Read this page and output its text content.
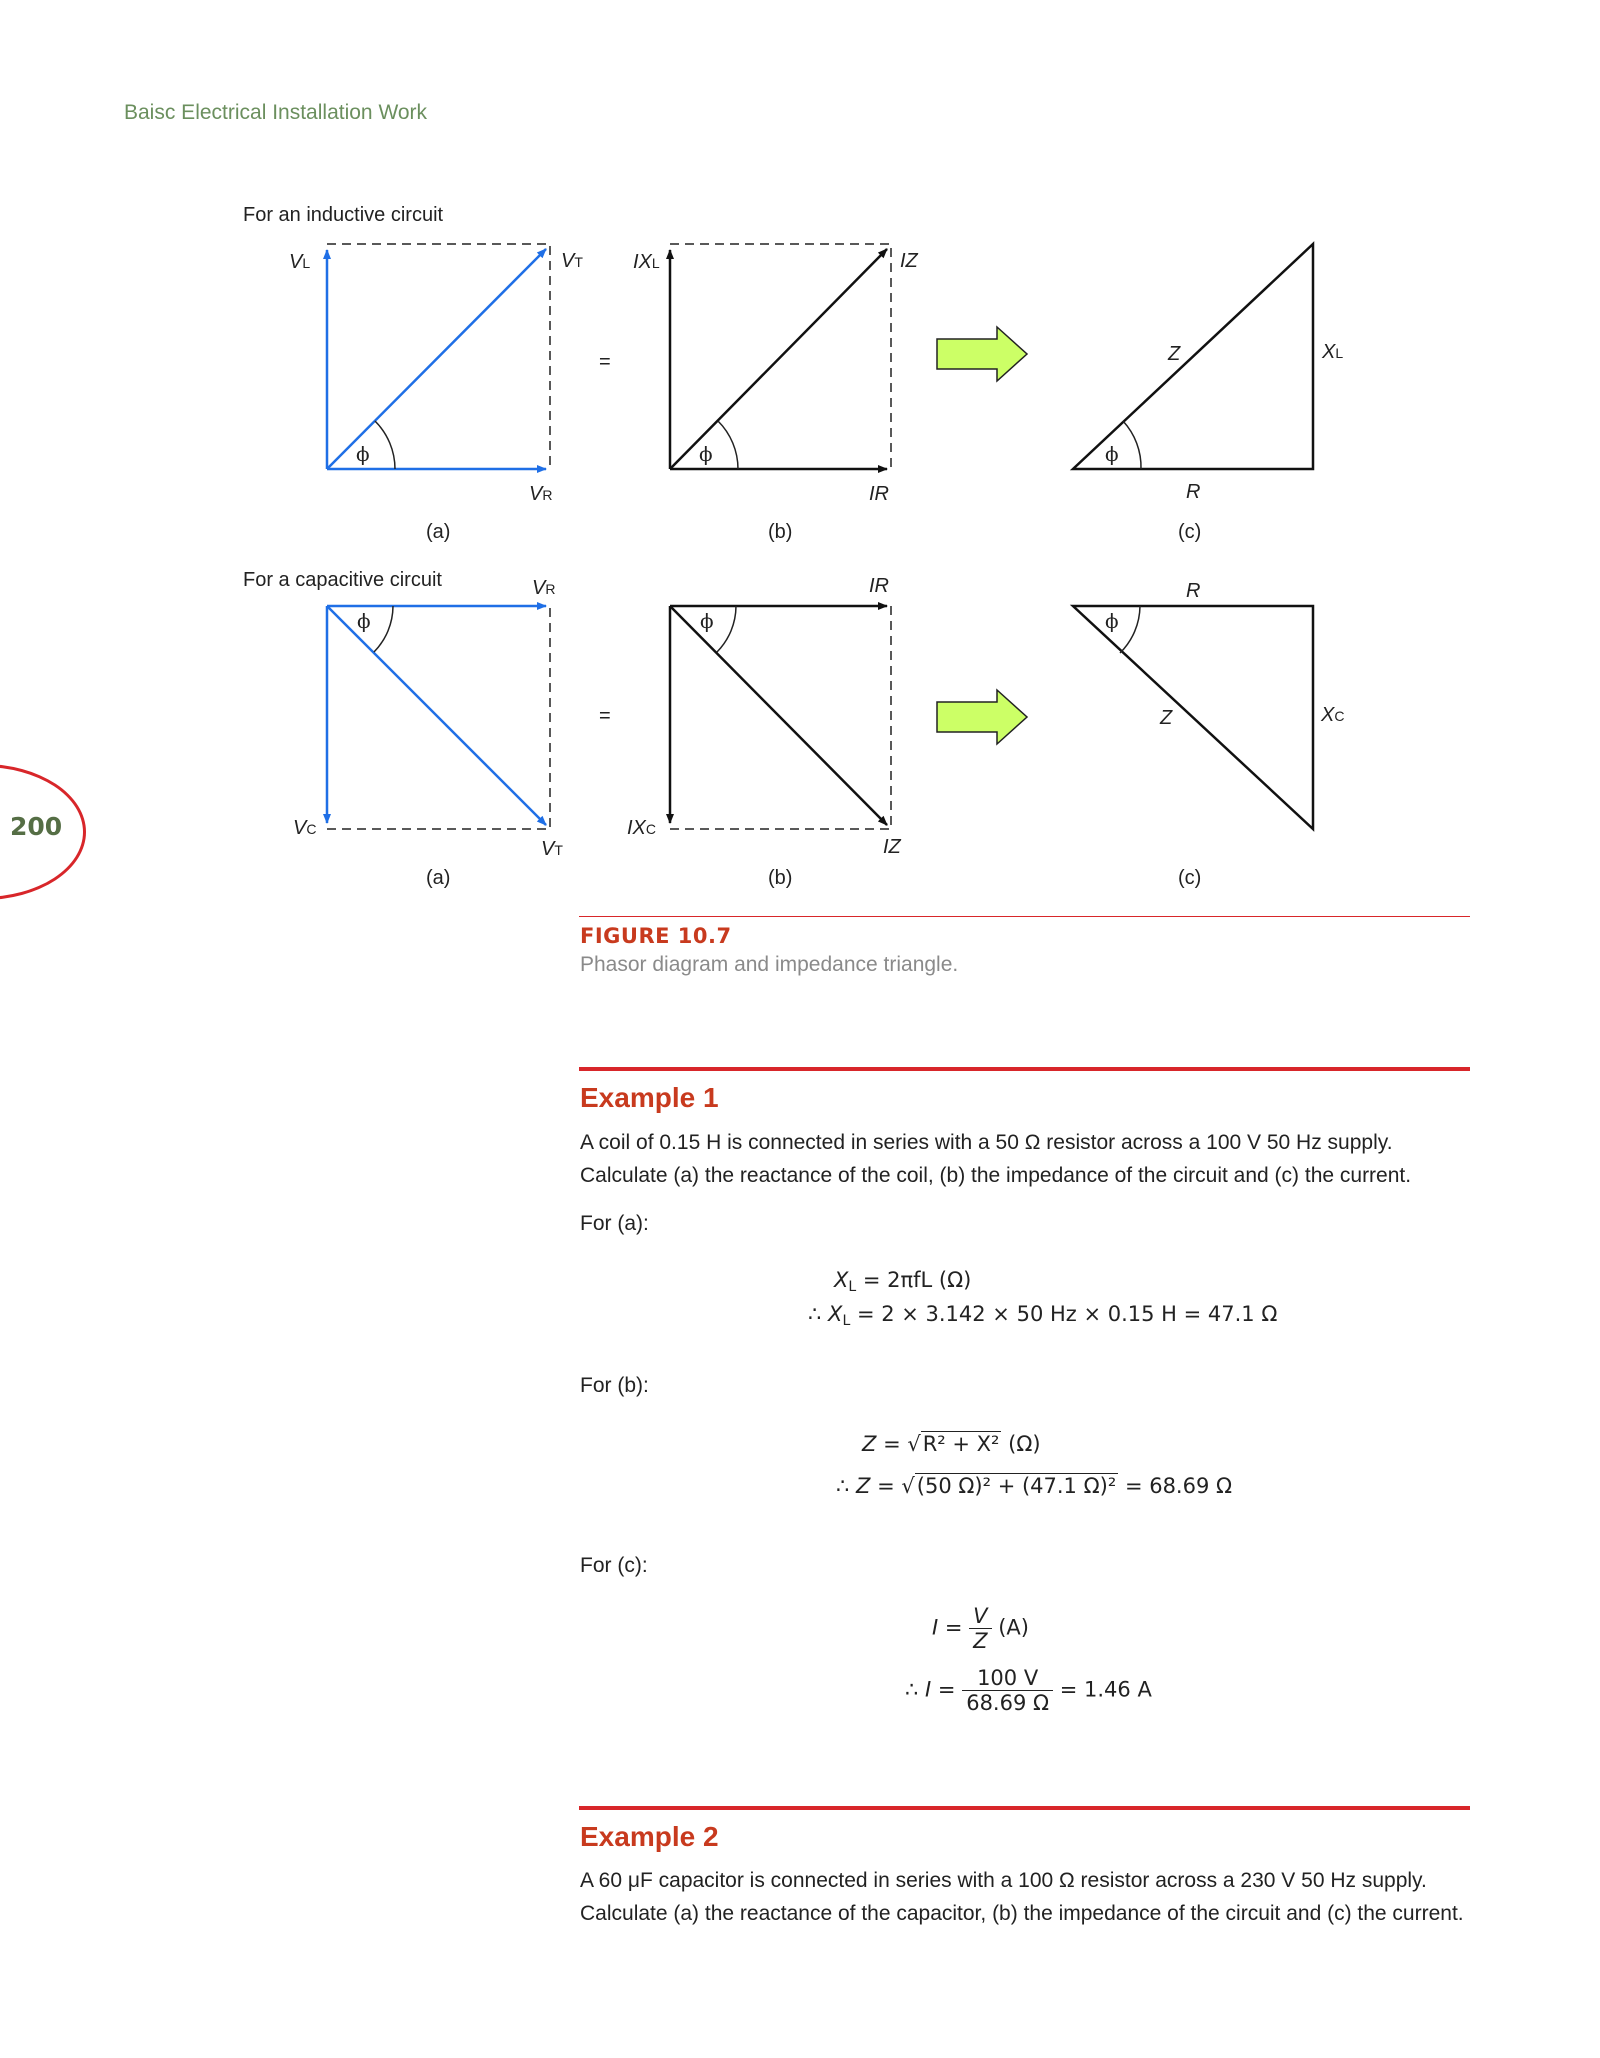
Baisc Electrical Installation Work
200
For an inductive circuit
For a capacitive circuit
ϕ
VL	VT
VR
(a)
=
ϕ
IXL	IZ
IR
(b)
ϕ
Z	XL
R
(c)
ϕ
VR
VC
VT
(a)
=
ϕ
IR
IXC
IZ
(b)
ϕ
R
Z	XC
(c)
FIGURE 10.7
Phasor diagram and impedance triangle.
Example 1
A coil of 0.15 H is connected in series with a 50 Ω resistor across a 100 V 50 Hz supply. Calculate (a) the reactance of the coil, (b) the impedance of the circuit and (c) the current.
For (a):
$X_L = 2\pi fL$ (Ω)
∴ $X_L = 2 \times 3.142 \times 50$ Hz × 0.15 H = 47.1 Ω
For (b):
Z = √R² + X² (Ω)
∴ Z = √(50 Ω)² + (47.1 Ω)² = 68.69 Ω
For (c):
$I = \frac{V}{Z} (A)$
∴ $I = \frac{100 V}{68.69 \Omega} = 1.46$ A
Example 2
A 60 μF capacitor is connected in series with a 100 Ω resistor across a 230 V 50 Hz supply. Calculate (a) the reactance of the capacitor, (b) the impedance of the circuit and (c) the current.
